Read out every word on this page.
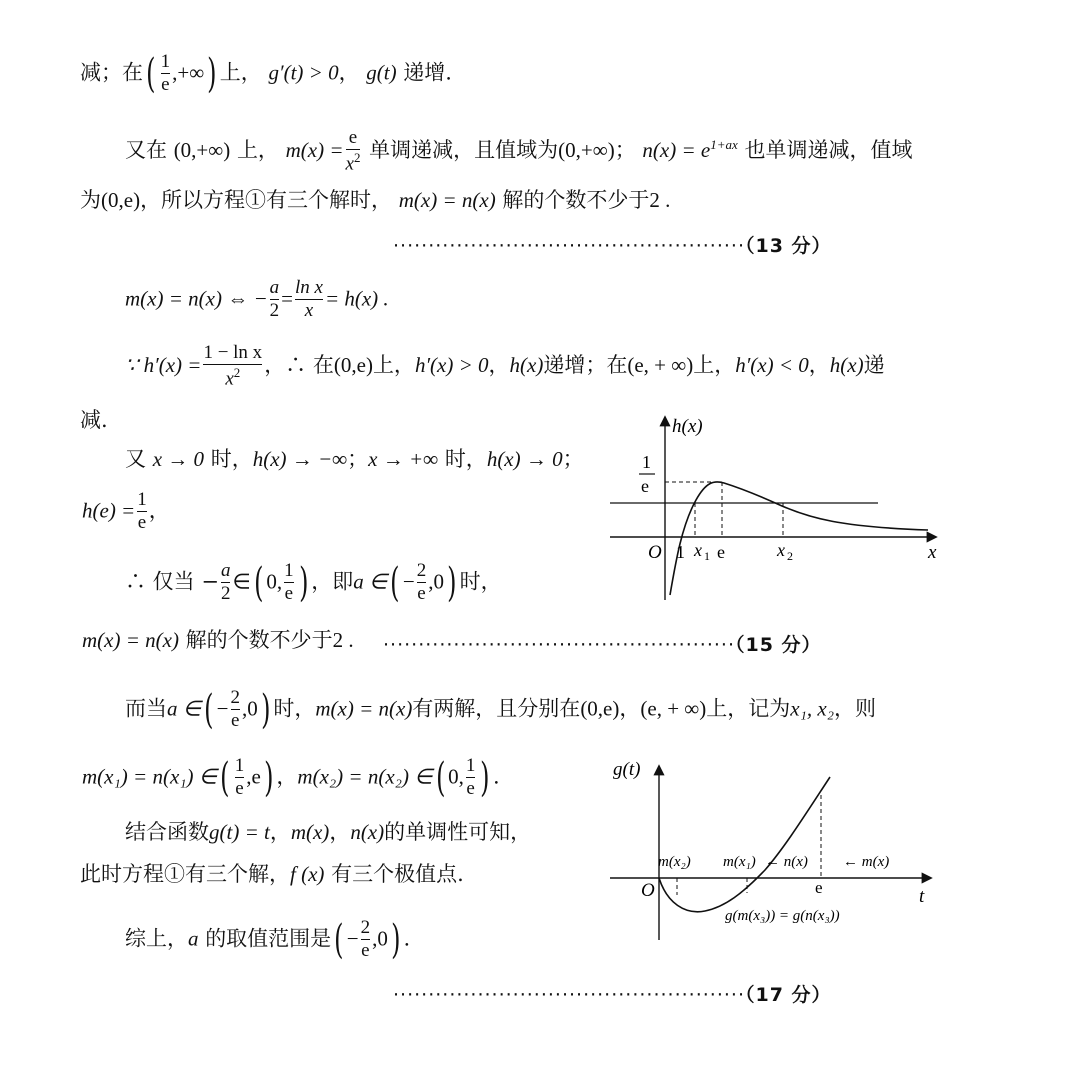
减；在( $\frac{1}{e}$ ,+∞) 上， g′(t) > 0， g(t) 递增.
又在 (0,+∞) 上， $m(x) = \frac{e}{x^2}$ 单调递减，且值域为(0,+∞)； $n(x) = e^{1+ax}$ 也单调递减，值域
为(0,e)，所以方程①有三个解时， m(x) = n(x) 解的个数不少于2 .
··················································（13 分）
m(x) = n(x) ⇔ − $\frac{a}{2} = \frac{\text{ln x}}{x} = h(x)$ .
∵ $h'(x) = \frac{\text{1 − ln x}}{x^2}$ ，∴ 在(0,e)上，h′(x) > 0，h(x)递增；在(e, + ∞)上，h′(x) < 0，h(x)递
减.
又 x → 0 时，h(x) → −∞；x → +∞ 时，h(x) → 0；
$h(e) = \frac{1}{e}$ ，
∴ 仅当 − $\frac{a}{2}$ ∈( 0, $\frac{1}{e}$ ) ，即a ∈( − $\frac{2}{e} ,0$) 时，
m(x) = n(x) 解的个数不少于2 . ··················································（15 分）
而当a ∈( − $\frac{2}{e} ,0$) 时，m(x) = n(x)有两解，且分别在(0,e)，(e, + ∞)上，记为x₁, x₂，则
m(x₁) = n(x₁) ∈( $\frac{1}{e} ,e$) ，m(x₂) = n(x₂) ∈( 0, $\frac{1}{e}$ ) .
结合函数g(t) = t，m(x)，n(x)的单调性可知，
此时方程①有三个解，f (x) 有三个极值点.
综上，a 的取值范围是( − $\frac{2}{e} ,0$) .
··················································（17 分）
h(x)
x
O 1 x 1 e	x 2
1
e
g(t)
t
O
m(x₂) m(x₁) ← n(x) ← m(x)
e
g(m(x₃)) = g(n(x₃))
